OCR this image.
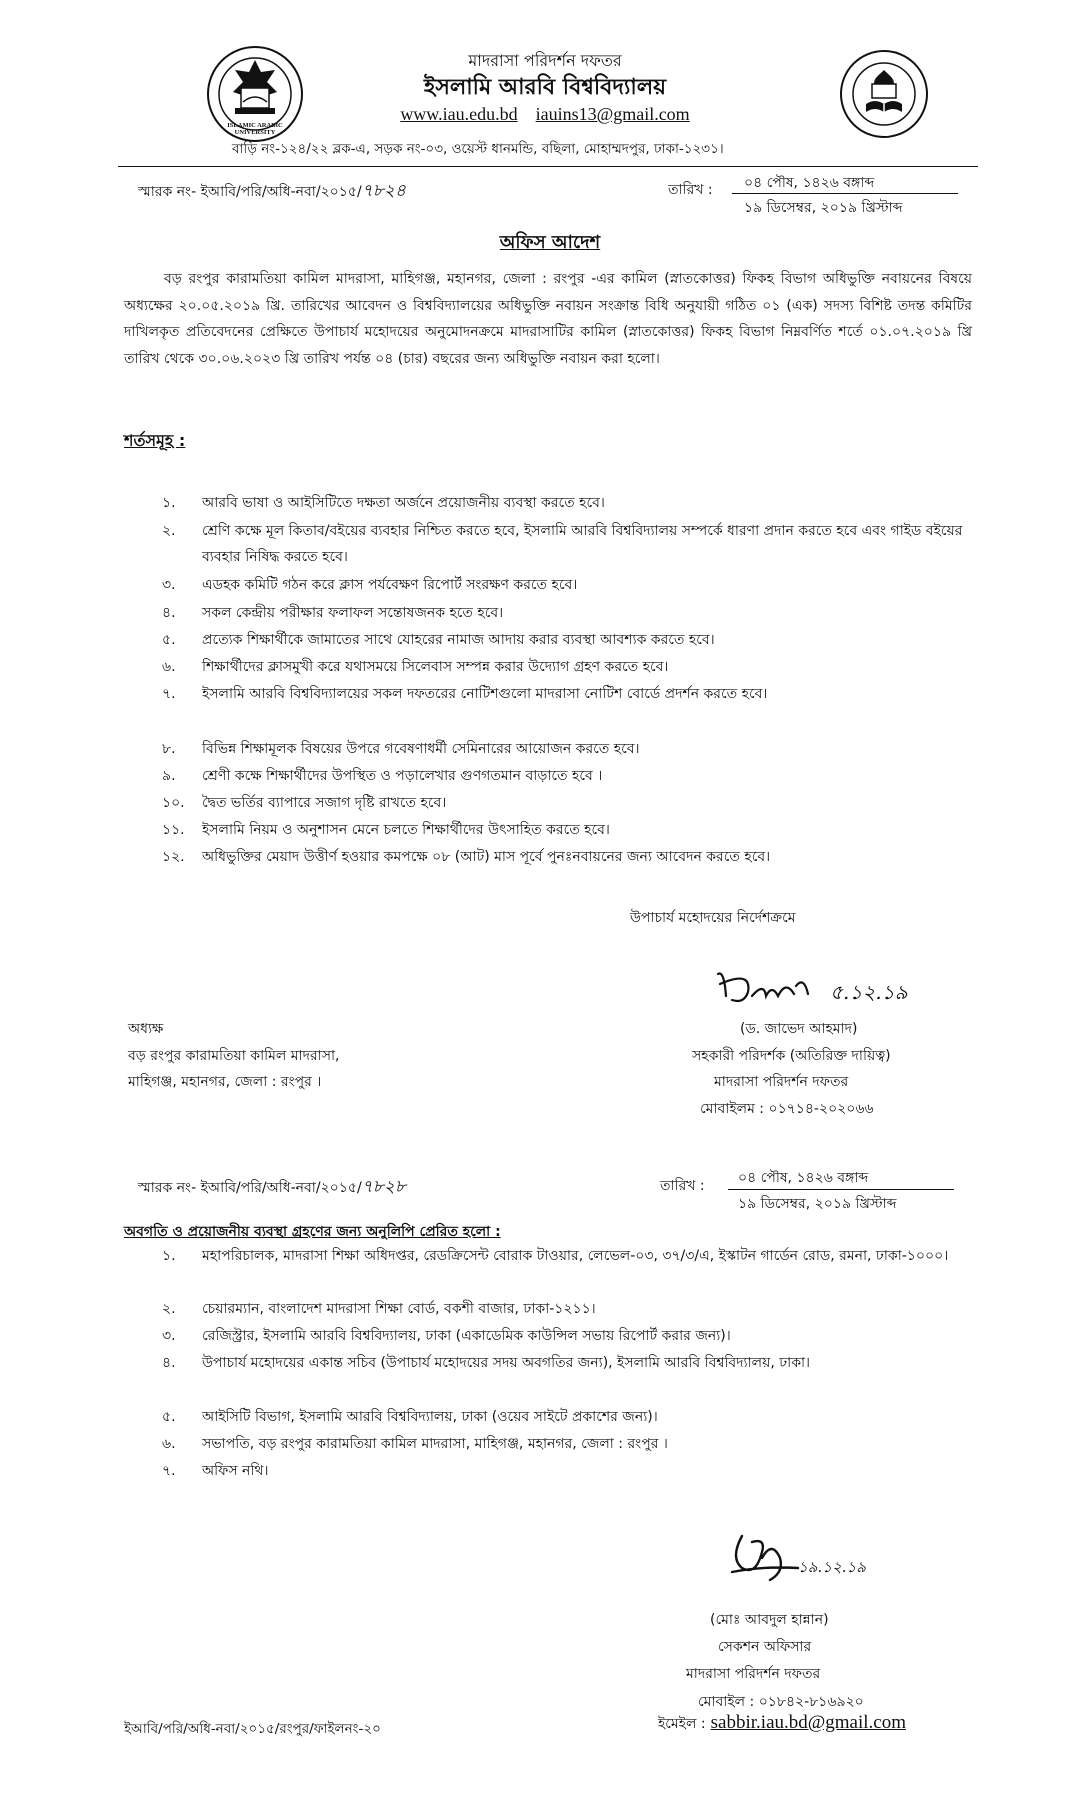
ISLAMIC ARABIC UNIVERSITY
মাদরাসা পরিদর্শন দফতর
ইসলামি আরবি বিশ্ববিদ্যালয়
www.iau.edu.bd iauins13@gmail.com
বাড়ি নং-১২৪/২২ ব্লক-এ, সড়ক নং-০৩, ওয়েস্ট ধানমন্ডি, বছিলা, মোহাম্মদপুর, ঢাকা-১২৩১।
স্মারক নং- ইআবি/পরি/অধি-নবা/২০১৫/৭৮২৪	তারিখ : ০৪ পৌষ, ১৪২৬ বঙ্গাব্দ
১৯ ডিসেম্বর, ২০১৯ খ্রিস্টাব্দ
অফিস আদেশ
বড় রংপুর কারামতিয়া কামিল মাদরাসা, মাহিগঞ্জ, মহানগর, জেলা : রংপুর -এর কামিল (স্নাতকোত্তর) ফিকহ বিভাগ অধিভুক্তি নবায়নের বিষয়ে অধ্যক্ষের ২০.০৫.২০১৯ খ্রি. তারিখের আবেদন ও বিশ্ববিদ্যালয়ের অধিভুক্তি নবায়ন সংক্রান্ত বিধি অনুযায়ী গঠিত ০১ (এক) সদস্য বিশিষ্ট তদন্ত কমিটির দাখিলকৃত প্রতিবেদনের প্রেক্ষিতে উপাচার্য মহোদয়ের অনুমোদনক্রমে মাদরাসাটির কামিল (স্নাতকোত্তর) ফিকহ বিভাগ নিম্নবর্ণিত শর্তে ০১.০৭.২০১৯ খ্রি তারিখ থেকে ৩০.০৬.২০২৩ খ্রি তারিখ পর্যন্ত ০৪ (চার) বছরের জন্য অধিভুক্তি নবায়ন করা হলো।
শর্তসমূহ :
১.	আরবি ভাষা ও আইসিটিতে দক্ষতা অর্জনে প্রয়োজনীয় ব্যবস্থা করতে হবে।
২.	শ্রেণি কক্ষে মূল কিতাব/বইয়ের ব্যবহার নিশ্চিত করতে হবে, ইসলামি আরবি বিশ্ববিদ্যালয় সম্পর্কে ধারণা প্রদান করতে হবে এবং গাইড বইয়ের ব্যবহার নিষিদ্ধ করতে হবে।
৩.	এডহক কমিটি গঠন করে ক্লাস পর্যবেক্ষণ রিপোর্ট সংরক্ষণ করতে হবে।
৪.	সকল কেন্দ্রীয় পরীক্ষার ফলাফল সন্তোষজনক হতে হবে।
৫.	প্রত্যেক শিক্ষার্থীকে জামাতের সাথে যোহরের নামাজ আদায় করার ব্যবস্থা আবশ্যক করতে হবে।
৬.	শিক্ষার্থীদের ক্লাসমুখী করে যথাসময়ে সিলেবাস সম্পন্ন করার উদ্যোগ গ্রহণ করতে হবে।
৭.	ইসলামি আরবি বিশ্ববিদ্যালয়ের সকল দফতরের নোটিশগুলো মাদরাসা নোটিশ বোর্ডে প্রদর্শন করতে হবে।
৮.	বিভিন্ন শিক্ষামূলক বিষয়ের উপরে গবেষণাধর্মী সেমিনারের আয়োজন করতে হবে।
৯.	শ্রেণী কক্ষে শিক্ষার্থীদের উপস্থিত ও পড়ালেখার গুণগতমান বাড়াতে হবে ।
১০.	দ্বৈত ভর্তির ব্যাপারে সজাগ দৃষ্টি রাখতে হবে।
১১.	ইসলামি নিয়ম ও অনুশাসন মেনে চলতে শিক্ষার্থীদের উৎসাহিত করতে হবে।
১২.	অধিভুক্তির মেয়াদ উত্তীর্ণ হওয়ার কমপক্ষে ০৮ (আট) মাস পূর্বে পুনঃনবায়নের জন্য আবেদন করতে হবে।
উপাচার্য মহোদয়ের নির্দেশক্রমে
৫.১২.১৯
(ড. জাভেদ আহমাদ)
সহকারী পরিদর্শক (অতিরিক্ত দায়িত্ব)
মাদরাসা পরিদর্শন দফতর
মোবাইলম : ০১৭১৪-২০২০৬৬
অধ্যক্ষ
বড় রংপুর কারামতিয়া কামিল মাদরাসা,
মাহিগঞ্জ, মহানগর, জেলা : রংপুর ।
স্মারক নং- ইআবি/পরি/অধি-নবা/২০১৫/৭৮২৮	তারিখ : ০৪ পৌষ, ১৪২৬ বঙ্গাব্দ
১৯ ডিসেম্বর, ২০১৯ খ্রিস্টাব্দ
অবগতি ও প্রয়োজনীয় ব্যবস্থা গ্রহণের জন্য অনুলিপি প্রেরিত হলো :
১.	মহাপরিচালক, মাদরাসা শিক্ষা অধিদপ্তর, রেডক্রিসেন্ট বোরাক টাওয়ার, লেভেল-০৩, ৩৭/৩/এ, ইস্কাটন গার্ডেন রোড, রমনা, ঢাকা-১০০০।
২.	চেয়ারম্যান, বাংলাদেশ মাদরাসা শিক্ষা বোর্ড, বকশী বাজার, ঢাকা-১২১১।
৩.	রেজিস্ট্রার, ইসলামি আরবি বিশ্ববিদ্যালয়, ঢাকা (একাডেমিক কাউন্সিল সভায় রিপোর্ট করার জন্য)।
৪.	উপাচার্য মহোদয়ের একান্ত সচিব (উপাচার্য মহোদয়ের সদয় অবগতির জন্য), ইসলামি আরবি বিশ্ববিদ্যালয়, ঢাকা।
৫.	আইসিটি বিভাগ, ইসলামি আরবি বিশ্ববিদ্যালয়, ঢাকা (ওয়েব সাইটে প্রকাশের জন্য)।
৬.	সভাপতি, বড় রংপুর কারামতিয়া কামিল মাদরাসা, মাহিগঞ্জ, মহানগর, জেলা : রংপুর ।
৭.	অফিস নথি।
১৯.১২.১৯
(মোঃ আবদুল হান্নান)
সেকশন অফিসার
মাদরাসা পরিদর্শন দফতর
মোবাইল : ০১৮৪২-৮১৬৯২০
ইমেইল : sabbir.iau.bd@gmail.com
ইআবি/পরি/অধি-নবা/২০১৫/রংপুর/ফাইলনং-২০
